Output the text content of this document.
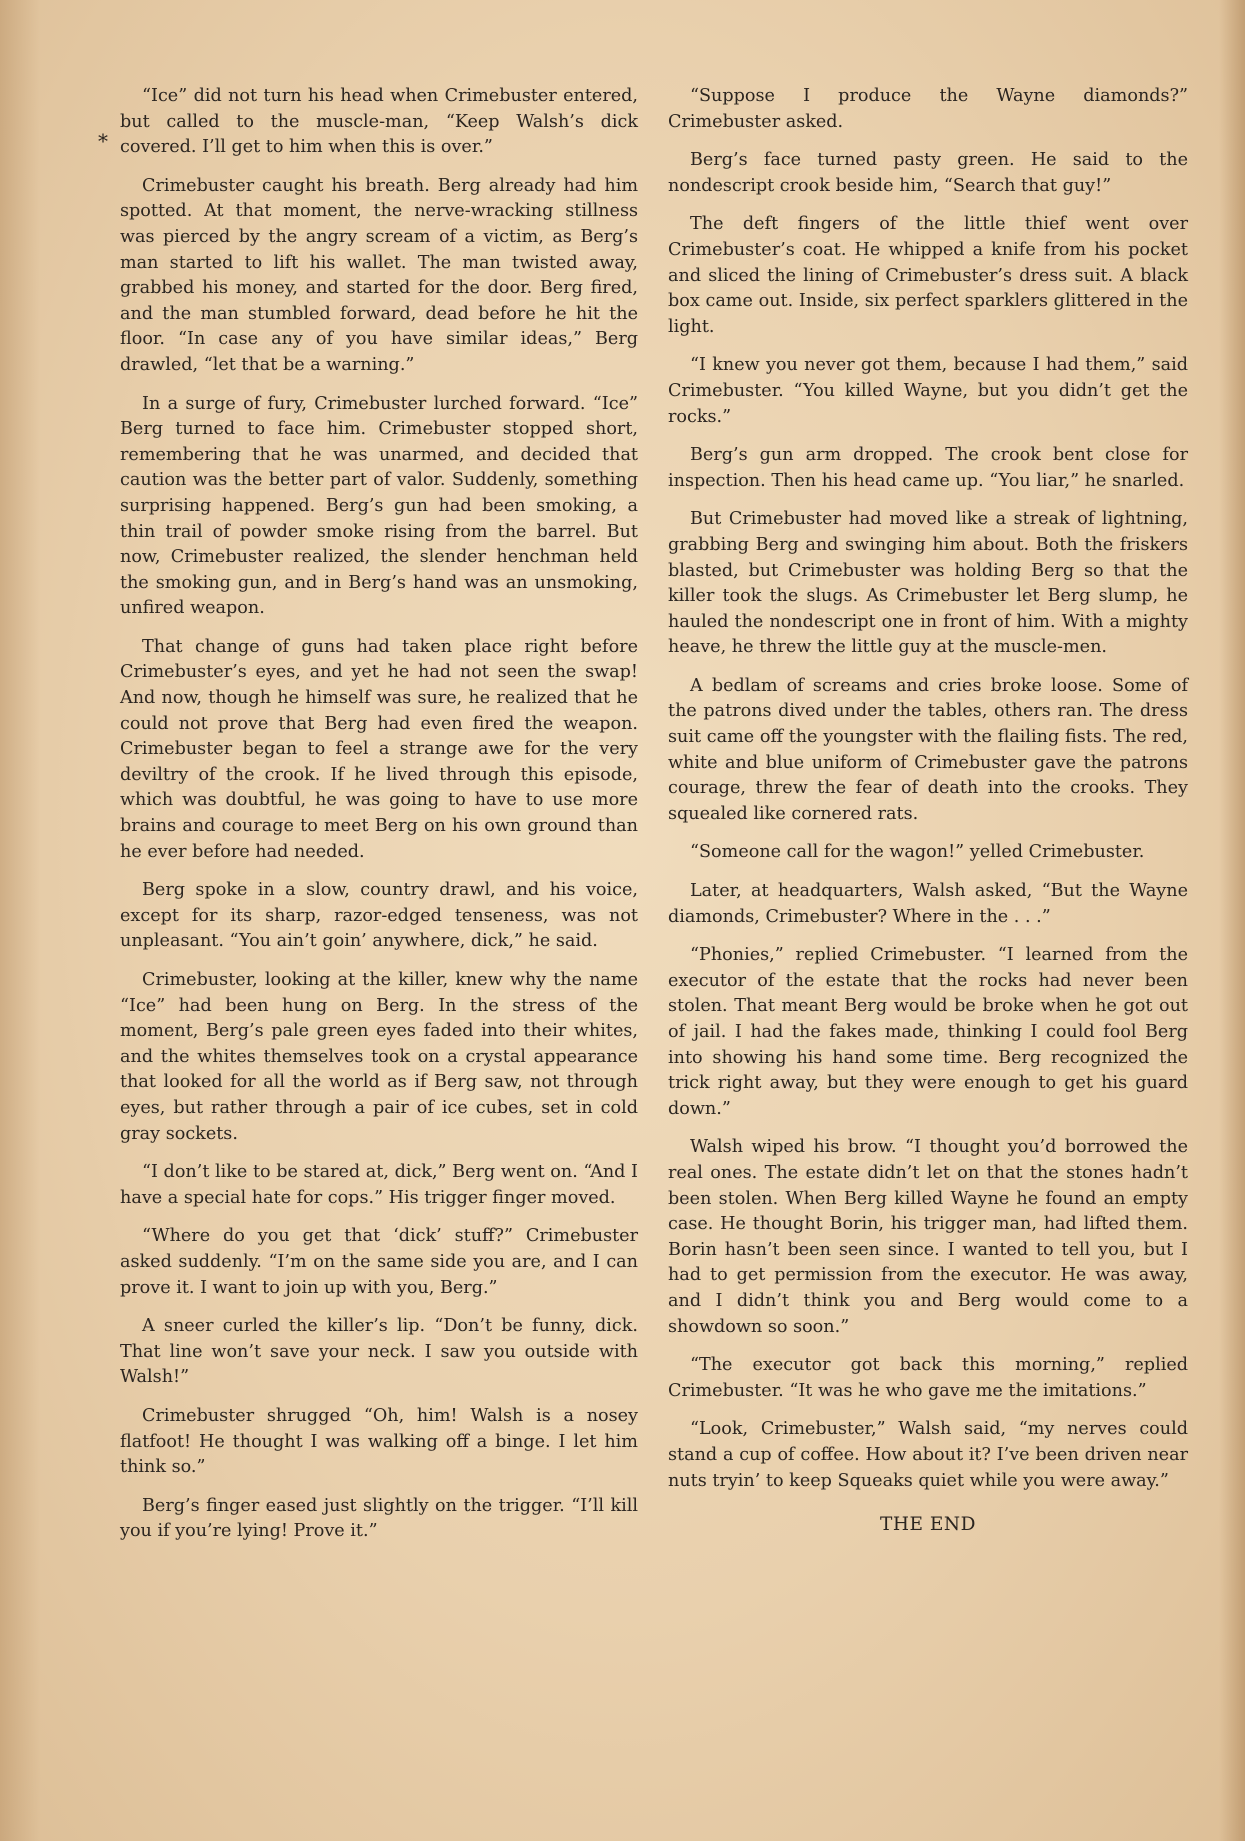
*

“Ice” did not turn his head when Crimebuster entered, but called to the muscle-man, “Keep Walsh’s dick covered. I’ll get to him when this is over.”

Crimebuster caught his breath. Berg already had him spotted. At that moment, the nerve-wracking stillness was pierced by the angry scream of a victim, as Berg’s man started to lift his wallet. The man twisted away, grabbed his money, and started for the door. Berg fired, and the man stumbled forward, dead before he hit the floor. “In case any of you have similar ideas,” Berg drawled, “let that be a warning.”

In a surge of fury, Crimebuster lurched forward. “Ice” Berg turned to face him. Crimebuster stopped short, remembering that he was unarmed, and decided that caution was the better part of valor. Suddenly, something surprising happened. Berg’s gun had been smoking, a thin trail of powder smoke rising from the barrel. But now, Crimebuster realized, the slender henchman held the smoking gun, and in Berg’s hand was an unsmoking, unfired weapon.

That change of guns had taken place right before Crimebuster’s eyes, and yet he had not seen the swap! And now, though he himself was sure, he realized that he could not prove that Berg had even fired the weapon. Crimebuster began to feel a strange awe for the very deviltry of the crook. If he lived through this episode, which was doubtful, he was going to have to use more brains and courage to meet Berg on his own ground than he ever before had needed.

Berg spoke in a slow, country drawl, and his voice, except for its sharp, razor-edged tenseness, was not unpleasant. “You ain’t goin’ anywhere, dick,” he said.

Crimebuster, looking at the killer, knew why the name “Ice” had been hung on Berg. In the stress of the moment, Berg’s pale green eyes faded into their whites, and the whites themselves took on a crystal appearance that looked for all the world as if Berg saw, not through eyes, but rather through a pair of ice cubes, set in cold gray sockets.

“I don’t like to be stared at, dick,” Berg went on. “And I have a special hate for cops.” His trigger finger moved.

“Where do you get that ‘dick’ stuff?” Crimebuster asked suddenly. “I’m on the same side you are, and I can prove it. I want to join up with you, Berg.”

A sneer curled the killer’s lip. “Don’t be funny, dick. That line won’t save your neck. I saw you outside with Walsh!”

Crimebuster shrugged “Oh, him! Walsh is a nosey flatfoot! He thought I was walking off a binge. I let him think so.”

Berg’s finger eased just slightly on the trigger. “I’ll kill you if you’re lying! Prove it.”

“Suppose I produce the Wayne diamonds?” Crimebuster asked.

Berg’s face turned pasty green. He said to the nondescript crook beside him, “Search that guy!”

The deft fingers of the little thief went over Crimebuster’s coat. He whipped a knife from his pocket and sliced the lining of Crimebuster’s dress suit. A black box came out. Inside, six perfect sparklers glittered in the light.

“I knew you never got them, because I had them,” said Crimebuster. “You killed Wayne, but you didn’t get the rocks.”

Berg’s gun arm dropped. The crook bent close for inspection. Then his head came up. “You liar,” he snarled.

But Crimebuster had moved like a streak of lightning, grabbing Berg and swinging him about. Both the friskers blasted, but Crimebuster was holding Berg so that the killer took the slugs. As Crimebuster let Berg slump, he hauled the nondescript one in front of him. With a mighty heave, he threw the little guy at the muscle-men.

A bedlam of screams and cries broke loose. Some of the patrons dived under the tables, others ran. The dress suit came off the youngster with the flailing fists. The red, white and blue uniform of Crimebuster gave the patrons courage, threw the fear of death into the crooks. They squealed like cornered rats.

“Someone call for the wagon!” yelled Crimebuster.

Later, at headquarters, Walsh asked, “But the Wayne diamonds, Crimebuster? Where in the . . .”

“Phonies,” replied Crimebuster. “I learned from the executor of the estate that the rocks had never been stolen. That meant Berg would be broke when he got out of jail. I had the fakes made, thinking I could fool Berg into showing his hand some time. Berg recognized the trick right away, but they were enough to get his guard down.”

Walsh wiped his brow. “I thought you’d borrowed the real ones. The estate didn’t let on that the stones hadn’t been stolen. When Berg killed Wayne he found an empty case. He thought Borin, his trigger man, had lifted them. Borin hasn’t been seen since. I wanted to tell you, but I had to get permission from the executor. He was away, and I didn’t think you and Berg would come to a showdown so soon.”

“The executor got back this morning,” replied Crimebuster. “It was he who gave me the imitations.”

“Look, Crimebuster,” Walsh said, “my nerves could stand a cup of coffee. How about it? I’ve been driven near nuts tryin’ to keep Squeaks quiet while you were away.”

THE END
